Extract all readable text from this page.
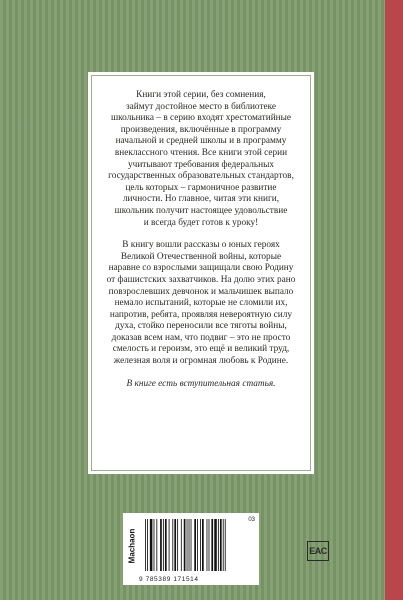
Книги этой серии, без сомнения,
займут достойное место в библиотеке
школьника – в серию входят хрестоматийные
произведения, включённые в программу
начальной и средней школы и в программу
внеклассного чтения. Все книги этой серии
учитывают требования федеральных
государственных образовательных стандартов,
цель которых – гармоничное развитие
личности. Но главное, читая эти книги,
школьник получит настоящее удовольствие
и всегда будет готов к уроку!

В книгу вошли рассказы о юных героях
Великой Отечественной войны, которые
наравне со взрослыми защищали свою Родину
от фашистских захватчиков. На долю этих рано
повзрослевших девчонок и мальчишек выпало
немало испытаний, которые не сломили их,
напротив, ребята, проявляя невероятную силу
духа, стойко переносили все тяготы войны,
доказав всем нам, что подвиг – это не просто
смелость и героизм, это ещё и великий труд,
железная воля и огромная любовь к Родине.

В книге есть вступительная статья.

Machaon
03
9 785389 171514
EAC
